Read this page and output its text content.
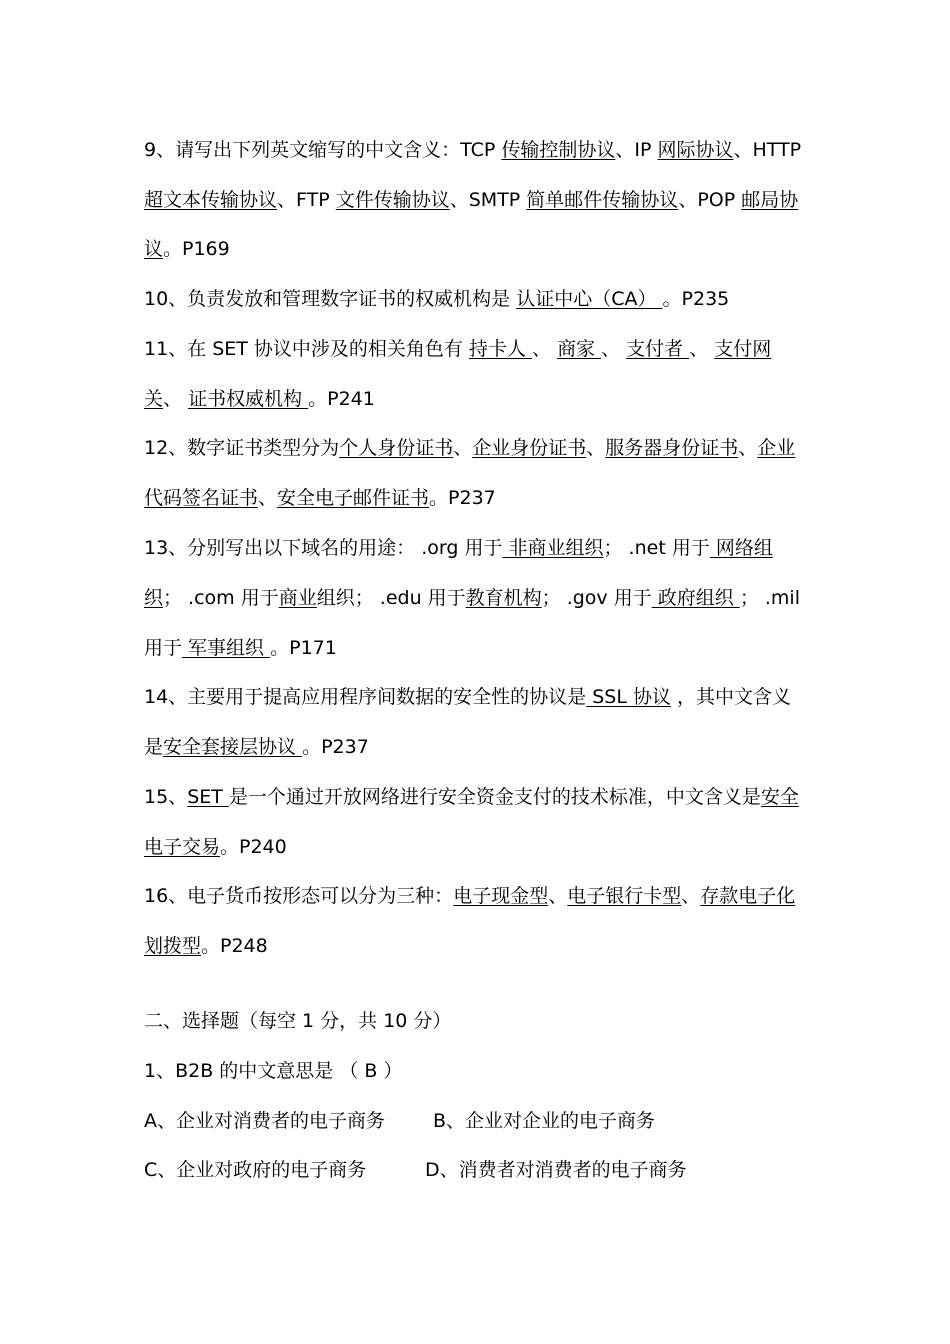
9、请写出下列英文缩写的中文含义：TCP 传输控制协议、IP 网际协议、HTTP
超文本传输协议、FTP 文件传输协议、SMTP 简单邮件传输协议、POP 邮局协
议。P169
10、负责发放和管理数字证书的权威机构是 认证中心（CA） 。P235
11、在 SET 协议中涉及的相关角色有 持卡人 、 商家 、 支付者 、 支付网
关、 证书权威机构 。P241
12、数字证书类型分为个人身份证书、企业身份证书、服务器身份证书、企业
代码签名证书、安全电子邮件证书。P237
13、分别写出以下域名的用途： .org 用于 非商业组织； .net 用于 网络组
织； .com 用于商业组织； .edu 用于教育机构； .gov 用于 政府组织 ； .mil
用于 军事组织 。P171
14、主要用于提高应用程序间数据的安全性的协议是 SSL 协议 ，其中文含义
是安全套接层协议 。P237
15、SET 是一个通过开放网络进行安全资金支付的技术标准，中文含义是安全
电子交易。P240
16、电子货币按形态可以分为三种：电子现金型、电子银行卡型、存款电子化
划拨型。P248
二、选择题（每空 1 分，共 10 分）
1、B2B 的中文意思是 （ B ）
A、企业对消费者的电子商务	B、企业对企业的电子商务
C、企业对政府的电子商务	D、消费者对消费者的电子商务
